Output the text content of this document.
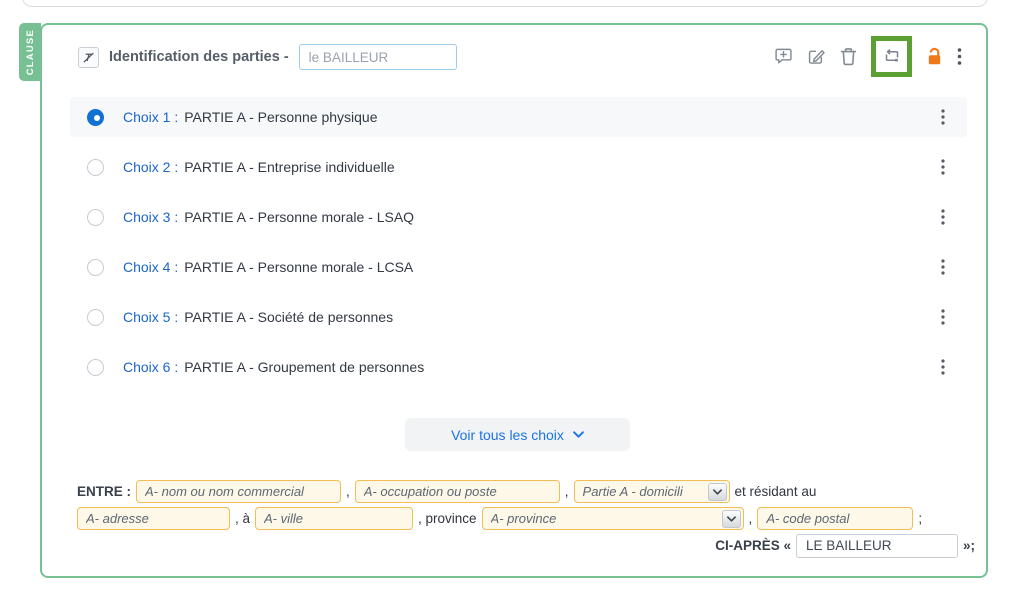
CLAUSE	Identification des parties -
le BAILLEUR
Choix 1 : PARTIE A - Personne physique
Choix 2 : PARTIE A - Entreprise individuelle
Choix 3 : PARTIE A - Personne morale - LSAQ
Choix 4 : PARTIE A - Personne morale - LCSA
Choix 5 : PARTIE A - Société de personnes
Choix 6 : PARTIE A - Groupement de personnes
Voir tous les choix
ENTRE :
A- nom ou nom commercial	,
A- occupation ou poste	, Partie A - domicili	et résidant au
A- adresse
, à
A- ville	, province A- province	,
A- code postal	;
CI-APRÈS «
LE BAILLEUR	»;
